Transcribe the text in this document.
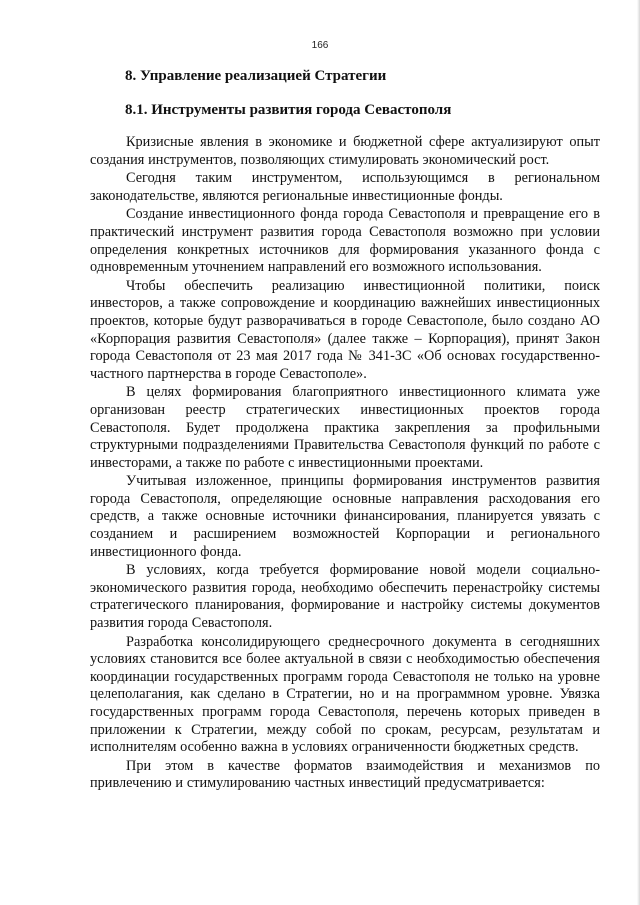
166
8. Управление реализацией Стратегии
8.1. Инструменты развития города Севастополя

Кризисные явления в экономике и бюджетной сфере актуализируют опыт создания инструментов, позволяющих стимулировать экономический рост.

Сегодня таким инструментом, использующимся в региональном законодательстве, являются региональные инвестиционные фонды.

Создание инвестиционного фонда города Севастополя и превращение его в практический инструмент развития города Севастополя возможно при условии определения конкретных источников для формирования указанного фонда с одновременным уточнением направлений его возможного использования.

Чтобы обеспечить реализацию инвестиционной политики, поиск инвесторов, а также сопровождение и координацию важнейших инвестиционных проектов, которые будут разворачиваться в городе Севастополе, было создано АО «Корпорация развития Севастополя» (далее также – Корпорация), принят Закон города Севастополя от 23 мая 2017 года № 341-ЗС «Об основах государственно-частного партнерства в городе Севастополе».

В целях формирования благоприятного инвестиционного климата уже организован реестр стратегических инвестиционных проектов города Севастополя. Будет продолжена практика закрепления за профильными структурными подразделениями Правительства Севастополя функций по работе с инвесторами, а также по работе с инвестиционными проектами.

Учитывая изложенное, принципы формирования инструментов развития города Севастополя, определяющие основные направления расходования его средств, а также основные источники финансирования, планируется увязать с созданием и расширением возможностей Корпорации и регионального инвестиционного фонда.

В условиях, когда требуется формирование новой модели социально-экономического развития города, необходимо обеспечить перенастройку системы стратегического планирования, формирование и настройку системы документов развития города Севастополя.

Разработка консолидирующего среднесрочного документа в сегодняшних условиях становится все более актуальной в связи с необходимостью обеспечения координации государственных программ города Севастополя не только на уровне целеполагания, как сделано в Стратегии, но и на программном уровне. Увязка государственных программ города Севастополя, перечень которых приведен в приложении к Стратегии, между собой по срокам, ресурсам, результатам и исполнителям особенно важна в условиях ограниченности бюджетных средств.

При этом в качестве форматов взаимодействия и механизмов по привлечению и стимулированию частных инвестиций предусматривается:
